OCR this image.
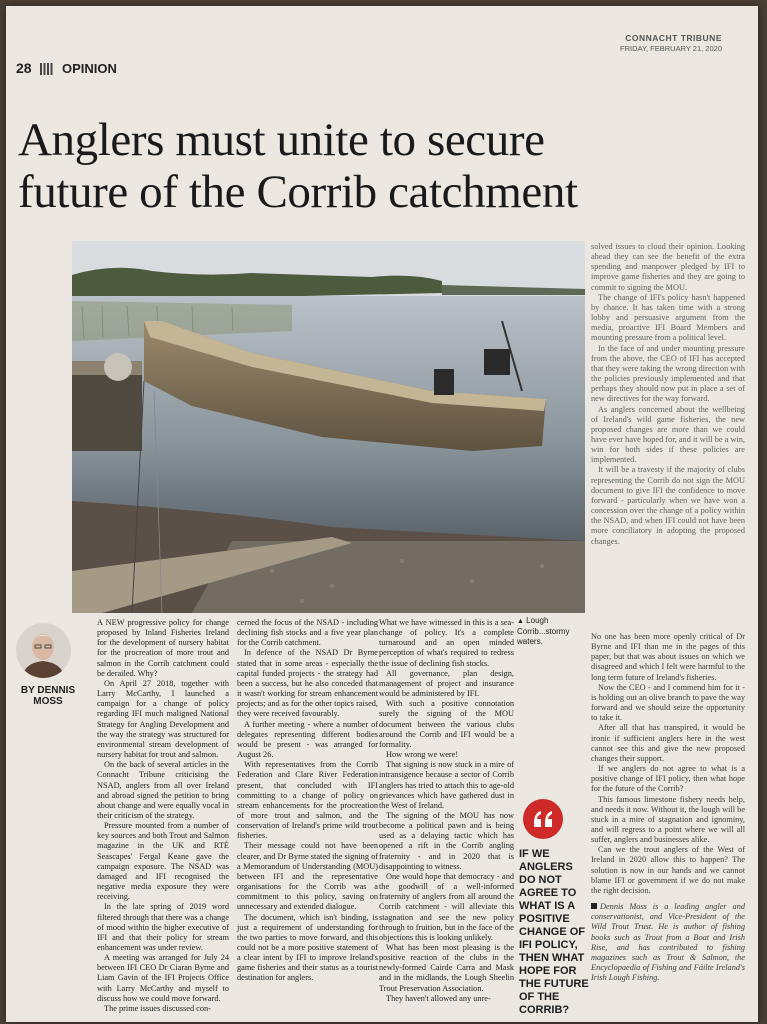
CONNACHT TRIBUNE
FRIDAY, FEBRUARY 21, 2020
28 OPINION
Anglers must unite to secure
future of the Corrib catchment
▲ Lough Corrib...stormy waters.
BY DENNIS MOSS

A NEW progressive policy for change proposed by Inland Fisheries Ireland for the development of nursery habitat for the procreation of more trout and salmon in the Corrib catchment could be derailed. Why?

On April 27 2018, together with Larry McCarthy, I launched a campaign for a change of policy regarding IFI much maligned National Strategy for Angling Development and the way the strategy was structured for environmental stream development of nursery habitat for trout and salmon.

On the back of several articles in the Connacht Tribune criticising the NSAD, anglers from all over Ireland and abroad signed the petition to bring about change and were equally vocal in their criticism of the strategy.

Pressure mounted from a number of key sources and both Trout and Salmon magazine in the UK and RTÉ Seascapes' Fergal Keane gave the campaign exposure. The NSAD was damaged and IFI recognised the negative media exposure they were receiving.

In the late spring of 2019 word filtered through that there was a change of mood within the higher executive of IFI and that their policy for stream enhancement was under review.

A meeting was arranged for July 24 between IFI CEO Dr Ciaran Byrne and Liam Gavin of the IFI Projects Office with Larry McCarthy and myself to discuss how we could move forward.

The prime issues discussed con-

cerned the focus of the NSAD - including declining fish stocks and a five year plan for the Corrib catchment.

In defence of the NSAD Dr Byrne stated that in some areas - especially the capital funded projects - the strategy had been a success, but he also conceded that it wasn't working for stream enhancement projects; and as for the other topics raised, they were received favourably.

A further meeting - where a number of delegates representing different bodies would be present - was arranged for August 26.

With representatives from the Corrib Federation and Clare River Federation present, that concluded with IFI committing to a change of policy on stream enhancements for the procreation of more trout and salmon, and the conservation of Ireland's prime wild trout fisheries.

Their message could not have been clearer, and Dr Byrne stated the signing of a Memorandum of Understanding (MOU) between IFI and the representative organisations for the Corrib was a commitment to this policy, saving on unnecessary and extended dialogue.

The document, which isn't binding, is just a requirement of understanding for the two parties to move forward, and this could not be a more positive statement of a clear intent by IFI to improve Ireland's game fisheries and their status as a tourist destination for anglers.

What we have witnessed in this is a sea-change of policy. It's a complete turnaround and an open minded perception of what's required to redress the issue of declining fish stocks.

All governance, plan design, management of project and insurance would be administered by IFI.

With such a positive connotation surely the signing of the MOU document between the various clubs around the Corrib and IFI would be a formality.

How wrong we were!

That signing is now stuck in a mire of intransigence because a sector of Corrib anglers has tried to attach this to age-old grievances which have gathered dust in the West of Ireland.

The signing of the MOU has now become a political pawn and is being used as a delaying tactic which has opened a rift in the Corrib angling fraternity - and in 2020 that is disappointing to witness.

One would hope that democracy - and the goodwill of a well-informed fraternity of anglers from all around the Corrib catchment - will alleviate this stagnation and see the new policy through to fruition, but in the face of the objections this is looking unlikely.

What has been most pleasing is the positive reaction of the clubs in the newly-formed Cairde Carra and Mask and in the midlands, the Lough Sheelin Trout Preservation Association.

They haven't allowed any unre-

solved issues to cloud their opinion. Looking ahead they can see the benefit of the extra spending and manpower pledged by IFI to improve game fisheries and they are going to commit to signing the MOU.

The change of IFI's policy hasn't happened by chance. It has taken time with a strong lobby and persuasive argument from the media, proactive IFI Board Members and mounting pressure from a political level.

In the face of and under mounting pressure from the above, the CEO of IFI has accepted that they were taking the wrong direction with the policies previously implemented and that perhaps they should now put in place a set of new directives for the way forward.

As anglers concerned about the wellbeing of Ireland's wild game fisheries, the new proposed changes are more than we could have ever have hoped for, and it will be a win, win for both sides if these policies are implemented.

It will be a travesty if the majority of clubs representing the Corrib do not sign the MOU document to give IFI the confidence to move forward - particularly when we have won a concession over the change of a policy within the NSAD, and when IFI could not have been more conciliatory in adopting the proposed changes.

IF WE ANGLERS DO NOT AGREE TO WHAT IS A POSITIVE CHANGE OF IFI POLICY, THEN WHAT HOPE FOR THE FUTURE OF THE CORRIB?

No one has been more openly critical of Dr Byrne and IFI than me in the pages of this paper, but that was about issues on which we disagreed and which I felt were harmful to the long term future of Ireland's fisheries.

Now the CEO - and I commend him for it - is holding out an olive branch to pave the way forward and we should seize the opportunity to take it.

After all that has transpired, it would be ironic if sufficient anglers here in the west cannot see this and give the new proposed changes their support.

If we anglers do not agree to what is a positive change of IFI policy, then what hope for the future of the Corrib?

This famous limestone fishery needs help, and needs it now. Without it, the lough will be stuck in a mire of stagnation and ignominy, and will regress to a point where we will all suffer, anglers and businesses alike.

Can we the trout anglers of the West of Ireland in 2020 allow this to happen? The solution is now in our hands and we cannot blame IFI or government if we do not make the right decision.

Dennis Moss is a leading angler and conservationist, and Vice-President of the Wild Trout Trust. He is author of fishing books such as Trout from a Boat and Irish Rise, and has contributed to fishing magazines such as Trout & Salmon, the Encyclopaedia of Fishing and Fáilte Ireland's Irish Lough Fishing.
